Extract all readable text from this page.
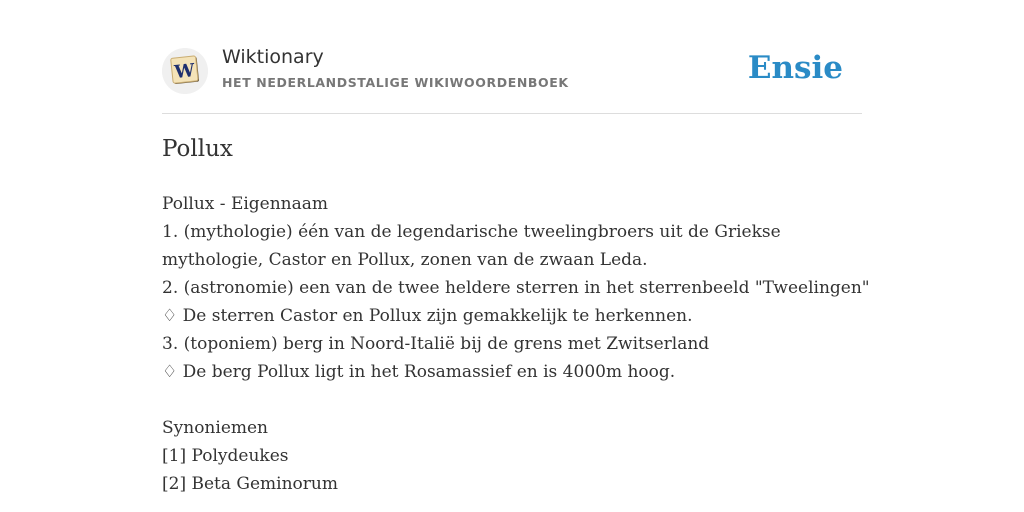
W
Wiktionary
HET NEDERLANDSTALIGE WIKIWOORDENBOEK	Ensie
Pollux
Pollux - Eigennaam
1. (mythologie) één van de legendarische tweelingbroers uit de Griekse
mythologie, Castor en Pollux, zonen van de zwaan Leda.
2. (astronomie) een van de twee heldere sterren in het sterrenbeeld "Tweelingen"
♢ De sterren Castor en Pollux zijn gemakkelijk te herkennen.
3. (toponiem) berg in Noord-Italië bij de grens met Zwitserland
♢ De berg Pollux ligt in het Rosamassief en is 4000m hoog.
Synoniemen
[1] Polydeukes
[2] Beta Geminorum
